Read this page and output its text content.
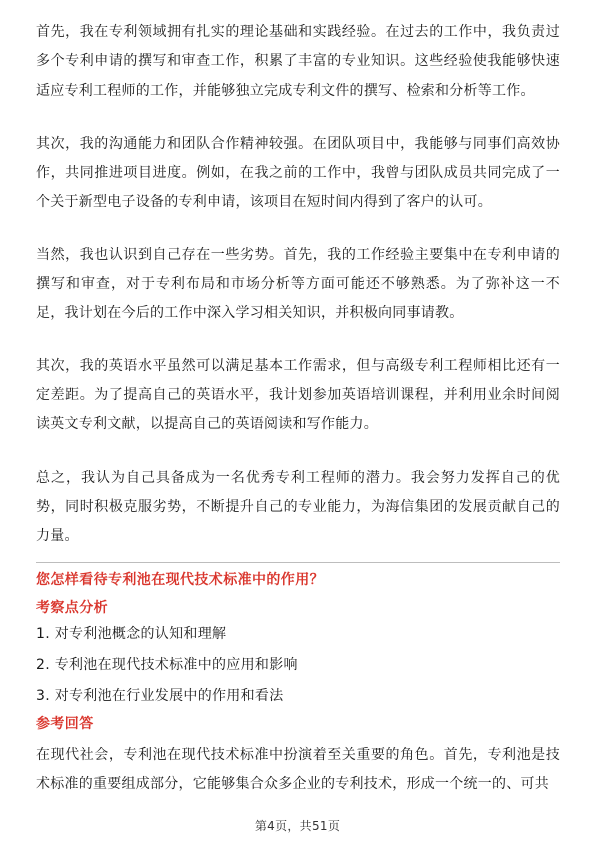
首先，我在专利领域拥有扎实的理论基础和实践经验。在过去的工作中，我负责过多个专利申请的撰写和审查工作，积累了丰富的专业知识。这些经验使我能够快速适应专利工程师的工作，并能够独立完成专利文件的撰写、检索和分析等工作。

其次，我的沟通能力和团队合作精神较强。在团队项目中，我能够与同事们高效协作，共同推进项目进度。例如，在我之前的工作中，我曾与团队成员共同完成了一个关于新型电子设备的专利申请，该项目在短时间内得到了客户的认可。

当然，我也认识到自己存在一些劣势。首先，我的工作经验主要集中在专利申请的撰写和审查，对于专利布局和市场分析等方面可能还不够熟悉。为了弥补这一不足，我计划在今后的工作中深入学习相关知识，并积极向同事请教。

其次，我的英语水平虽然可以满足基本工作需求，但与高级专利工程师相比还有一定差距。为了提高自己的英语水平，我计划参加英语培训课程，并利用业余时间阅读英文专利文献，以提高自己的英语阅读和写作能力。

总之，我认为自己具备成为一名优秀专利工程师的潜力。我会努力发挥自己的优势，同时积极克服劣势，不断提升自己的专业能力，为海信集团的发展贡献自己的力量。

您怎样看待专利池在现代技术标准中的作用？
考察点分析
1. 对专利池概念的认知和理解
2. 专利池在现代技术标准中的应用和影响
3. 对专利池在行业发展中的作用和看法
参考回答

在现代社会，专利池在现代技术标准中扮演着至关重要的角色。首先，专利池是技术标准的重要组成部分，它能够集合众多企业的专利技术，形成一个统一的、可共

第4页，共51页
